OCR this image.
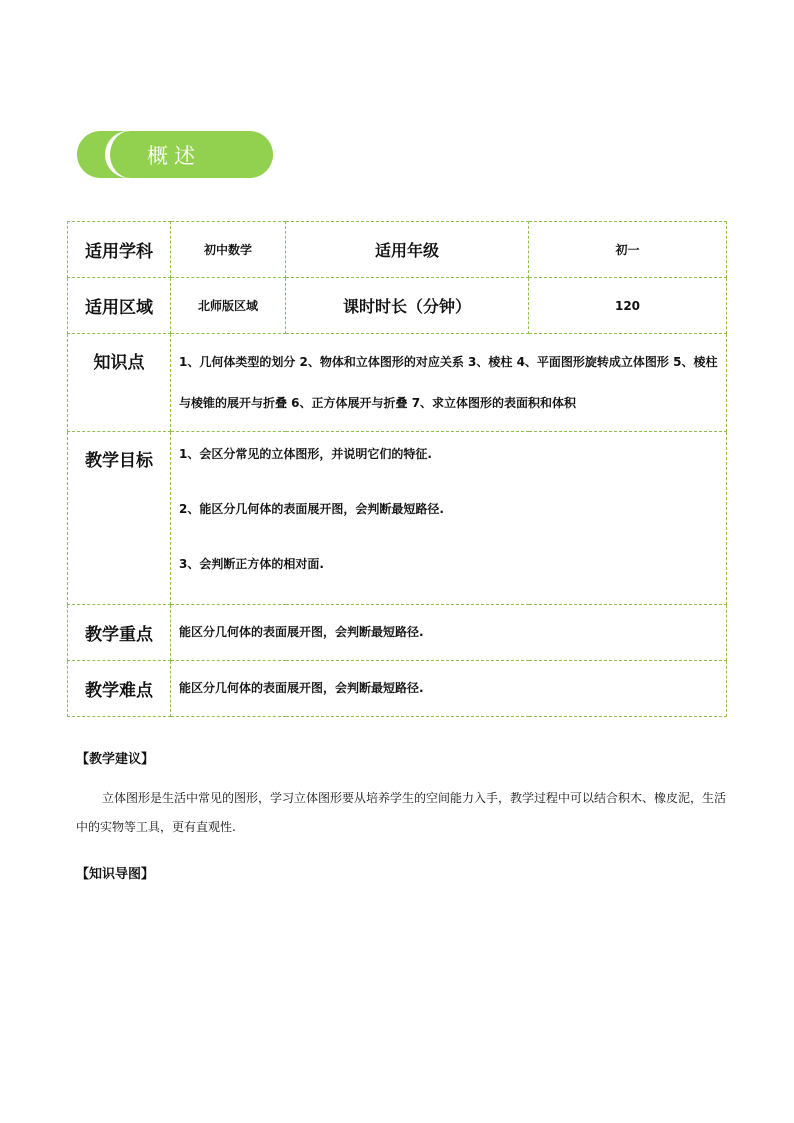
概述
适用学科	初中数学	适用年级	初一
适用区域	北师版区域	课时时长（分钟）	120
知识点	1、几何体类型的划分 2、物体和立体图形的对应关系 3、棱柱 4、平面图形旋转成立体图形 5、棱柱与棱锥的展开与折叠 6、正方体展开与折叠 7、求立体图形的表面积和体积		
教学目标	1、会区分常见的立体图形，并说明它们的特征.
2、能区分几何体的表面展开图，会判断最短路径.
3、会判断正方体的相对面.		

教学重点	能区分几何体的表面展开图，会判断最短路径.		
教学难点	能区分几何体的表面展开图，会判断最短路径.		
【教学建议】
立体图形是生活中常见的图形，学习立体图形要从培养学生的空间能力入手，教学过程中可以结合积木、橡皮泥，生活中的实物等工具，更有直观性.
【知识导图】
